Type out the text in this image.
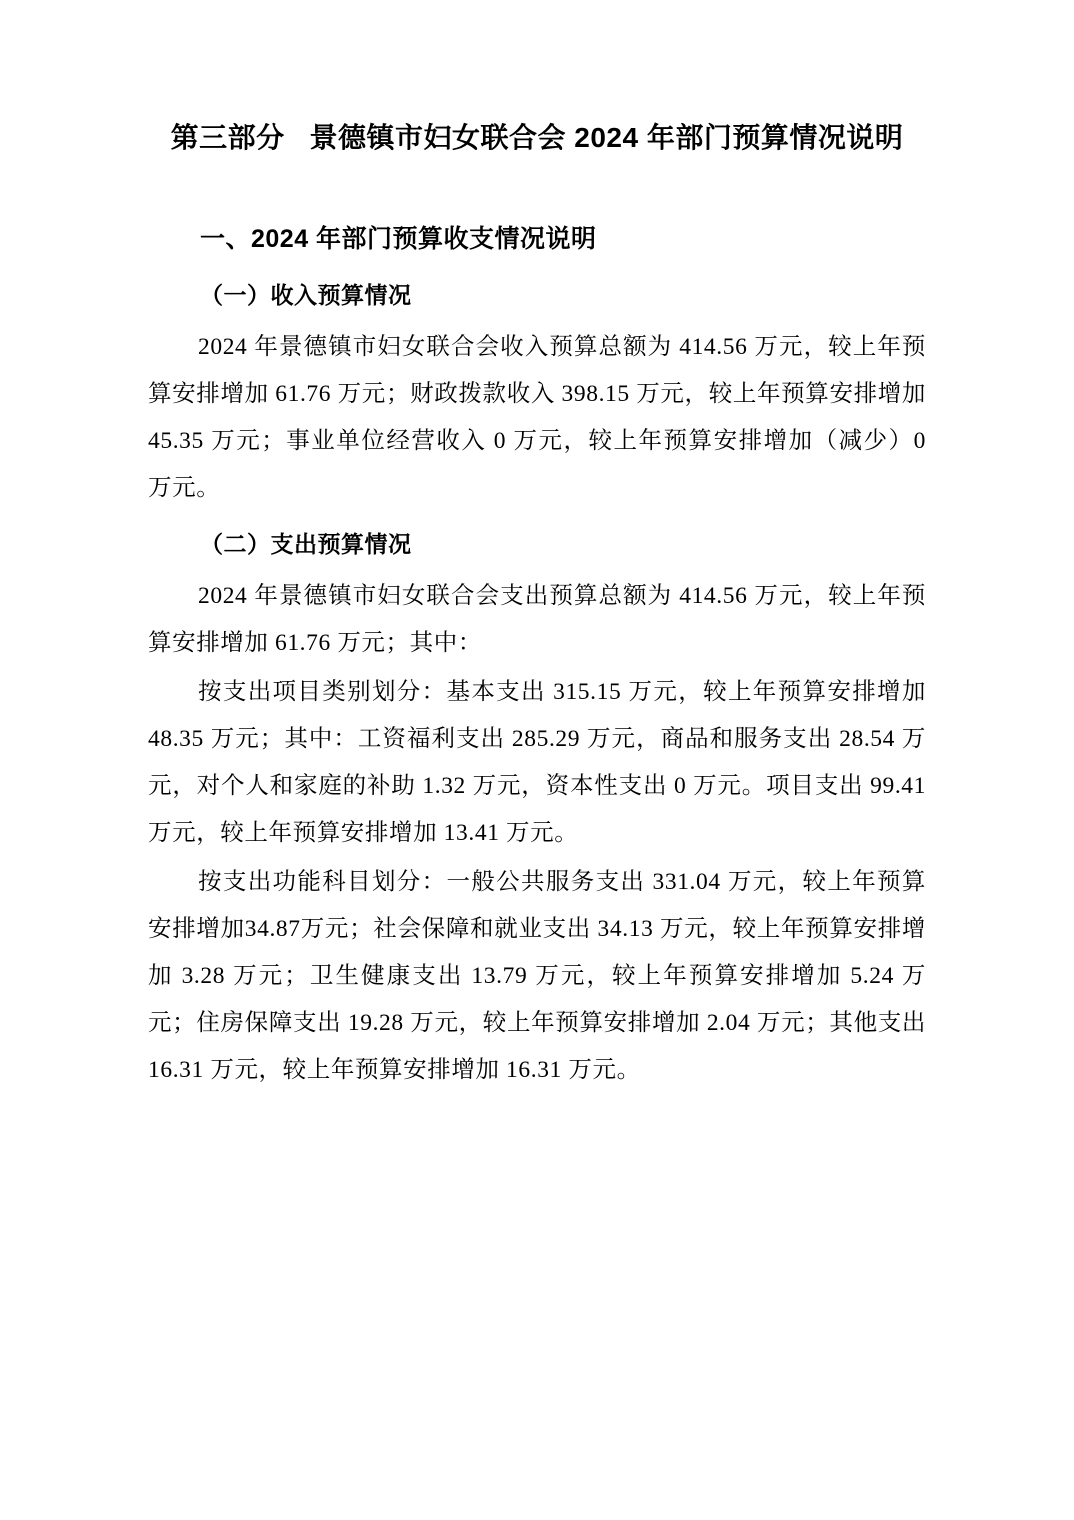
第三部分   景德镇市妇女联合会 2024 年部门预算情况说明
一、2024 年部门预算收支情况说明
（一）收入预算情况

2024 年景德镇市妇女联合会收入预算总额为 414.56 万元，较上年预算安排增加 61.76 万元；财政拨款收入 398.15 万元，较上年预算安排增加 45.35 万元；事业单位经营收入 0 万元，较上年预算安排增加（减少）0 万元。

（二）支出预算情况

2024 年景德镇市妇女联合会支出预算总额为 414.56 万元，较上年预算安排增加 61.76 万元；其中：

按支出项目类别划分：基本支出 315.15 万元，较上年预算安排增加 48.35 万元；其中：工资福利支出 285.29 万元，商品和服务支出 28.54 万元，对个人和家庭的补助 1.32 万元，资本性支出 0 万元。项目支出 99.41 万元，较上年预算安排增加 13.41 万元。

按支出功能科目划分：一般公共服务支出 331.04 万元，较上年预算安排增加34.87万元；社会保障和就业支出 34.13 万元，较上年预算安排增加 3.28 万元；卫生健康支出 13.79 万元，较上年预算安排增加 5.24 万元；住房保障支出 19.28 万元，较上年预算安排增加 2.04 万元；其他支出 16.31 万元，较上年预算安排增加 16.31 万元。
